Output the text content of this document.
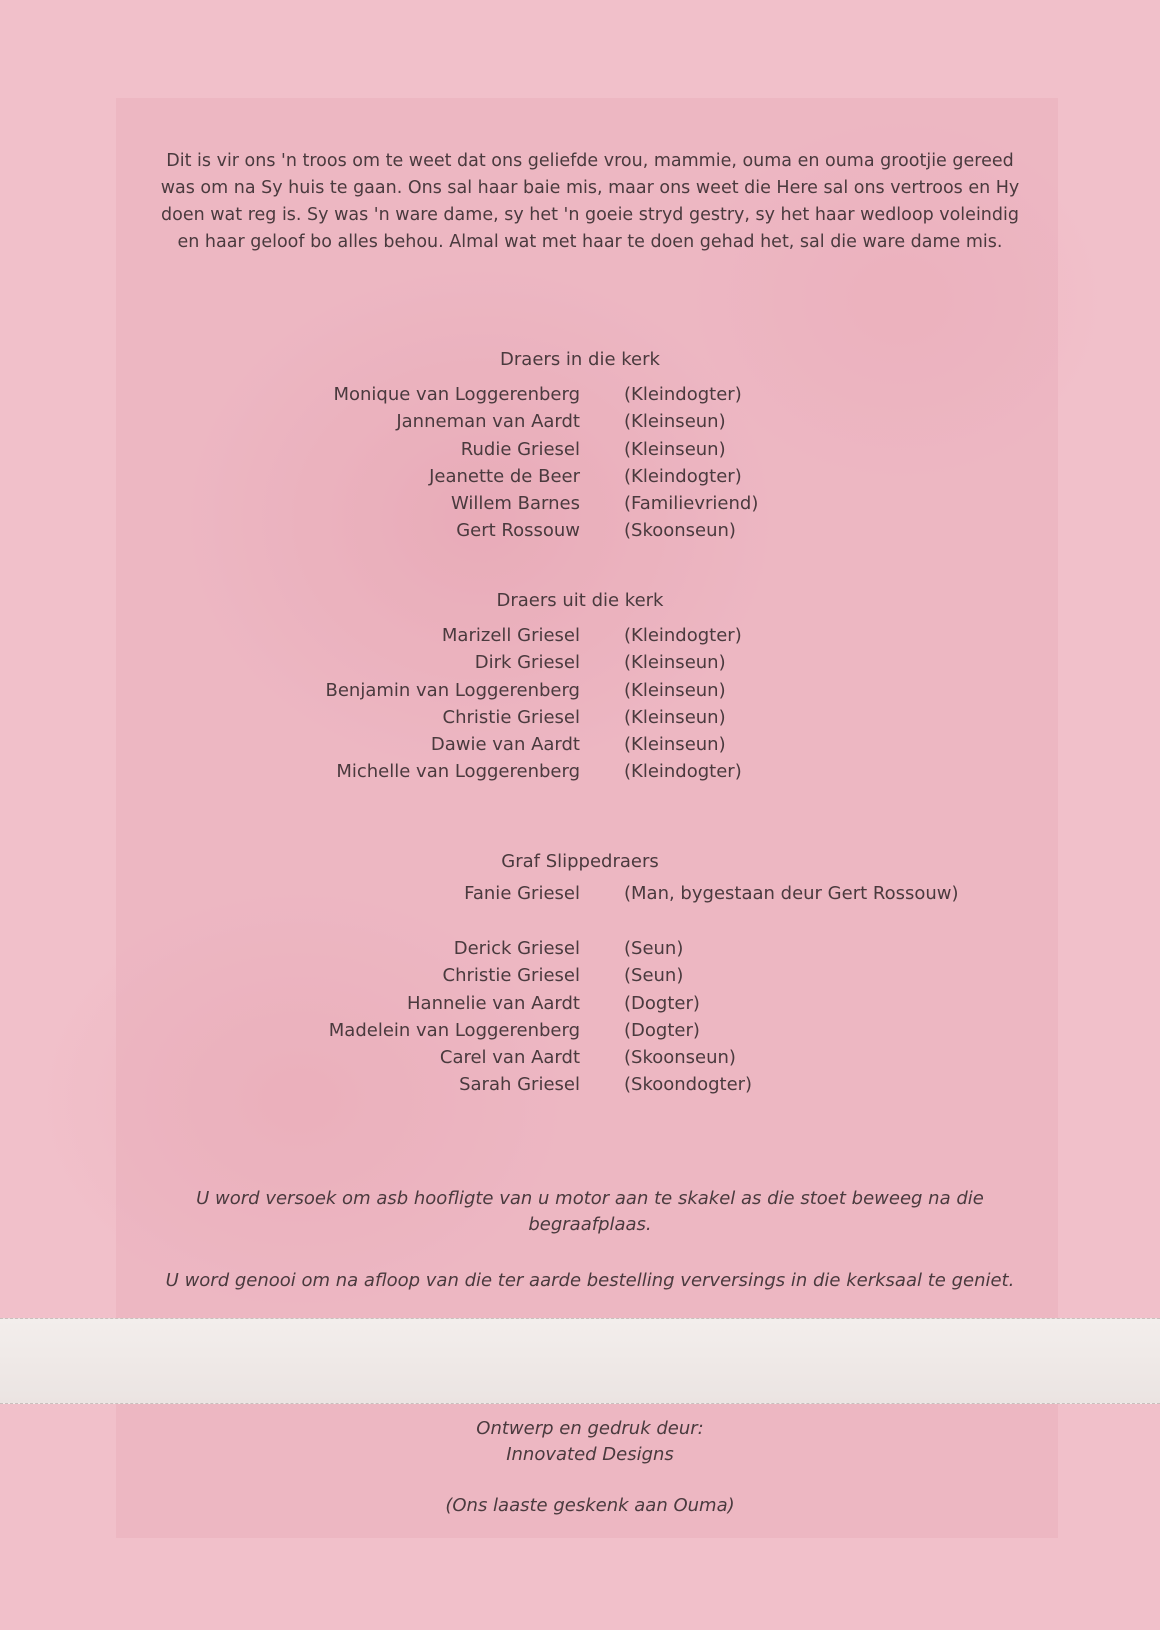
Dit is vir ons 'n troos om te weet dat ons geliefde vrou, mammie, ouma en ouma grootjie gereed was om na Sy huis te gaan. Ons sal haar baie mis, maar ons weet die Here sal ons vertroos en Hy doen wat reg is. Sy was 'n ware dame, sy het 'n goeie stryd gestry, sy het haar wedloop voleindig en haar geloof bo alles behou. Almal wat met haar te doen gehad het, sal die ware dame mis.

Draers in die kerk
Monique van Loggerenberg (Kleindogter)
Janneman van Aardt (Kleinseun)
Rudie Griesel (Kleinseun)
Jeanette de Beer (Kleindogter)
Willem Barnes (Familievriend)
Gert Rossouw (Skoonseun)
Draers uit die kerk
Marizell Griesel (Kleindogter)
Dirk Griesel (Kleinseun)
Benjamin van Loggerenberg (Kleinseun)
Christie Griesel (Kleinseun)
Dawie van Aardt (Kleinseun)
Michelle van Loggerenberg (Kleindogter)
Graf Slippedraers
Fanie Griesel (Man, bygestaan deur Gert Rossouw)
Derick Griesel (Seun)
Christie Griesel (Seun)
Hannelie van Aardt (Dogter)
Madelein van Loggerenberg (Dogter)
Carel van Aardt (Skoonseun)
Sarah Griesel (Skoondogter)

U word versoek om asb hoofligte van u motor aan te skakel as die stoet beweeg na die begraafplaas.

U word genooi om na afloop van die ter aarde bestelling verversings in die kerksaal te geniet.

Ontwerp en gedruk deur:

Innovated Designs

(Ons laaste geskenk aan Ouma)
